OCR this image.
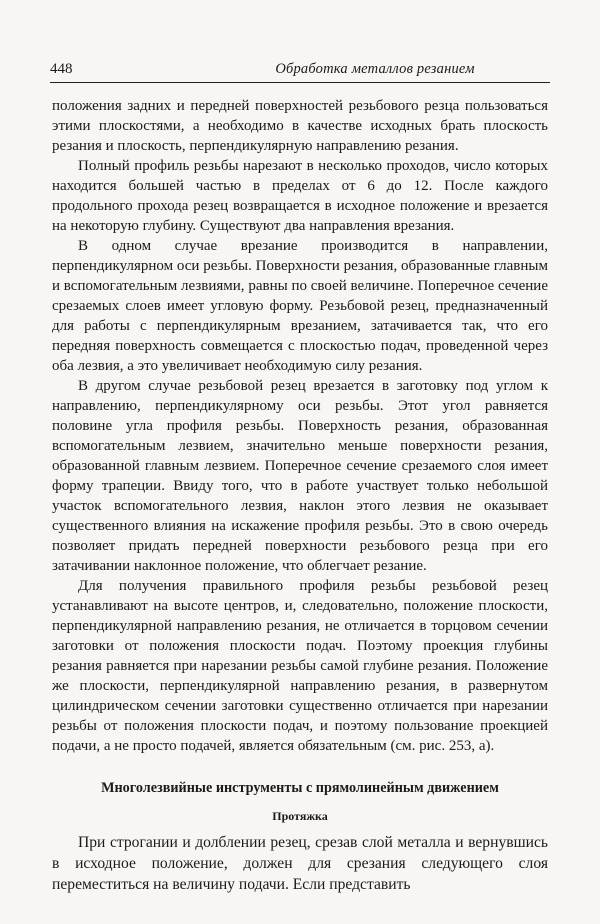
448	Обработка металлов резанием

положения задних и передней поверхностей резьбового резца пользоваться этими плоскостями, а необходимо в качестве исходных брать плоскость резания и плоскость, перпендикулярную направлению резания.

Полный профиль резьбы нарезают в несколько проходов, число которых находится большей частью в пределах от 6 до 12. После каждого продольного прохода резец возвращается в исходное положение и врезается на некоторую глубину. Существуют два направления врезания.

В одном случае врезание производится в направлении, перпендикулярном оси резьбы. Поверхности резания, образованные главным и вспомогательным лезвиями, равны по своей величине. Поперечное сечение срезаемых слоев имеет угловую форму. Резьбовой резец, предназначенный для работы с перпендикулярным врезанием, затачивается так, что его передняя поверхность совмещается с плоскостью подач, проведенной через оба лезвия, а это увеличивает необходимую силу резания.

В другом случае резьбовой резец врезается в заготовку под углом к направлению, перпендикулярному оси резьбы. Этот угол равняется половине угла профиля резьбы. Поверхность резания, образованная вспомогательным лезвием, значительно меньше поверхности резания, образованной главным лезвием. Поперечное сечение срезаемого слоя имеет форму трапеции. Ввиду того, что в работе участвует только небольшой участок вспомогательного лезвия, наклон этого лезвия не оказывает существенного влияния на искажение профиля резьбы. Это в свою очередь позволяет придать передней поверхности резьбового резца при его затачивании наклонное положение, что облегчает резание.

Для получения правильного профиля резьбы резьбовой резец устанавливают на высоте центров, и, следовательно, положение плоскости, перпендикулярной направлению резания, не отличается в торцовом сечении заготовки от положения плоскости подач. Поэтому проекция глубины резания равняется при нарезании резьбы самой глубине резания. Положение же плоскости, перпендикулярной направлению резания, в развернутом цилиндрическом сечении заготовки существенно отличается при нарезании резьбы от положения плоскости подач, и поэтому пользование проекцией подачи, а не просто подачей, является обязательным (см. рис. 253, а).

Многолезвийные инструменты с прямолинейным движением
Протяжка

При строгании и долблении резец, срезав слой металла и вернувшись в исходное положение, должен для срезания следующего слоя переместиться на величину подачи. Если представить
